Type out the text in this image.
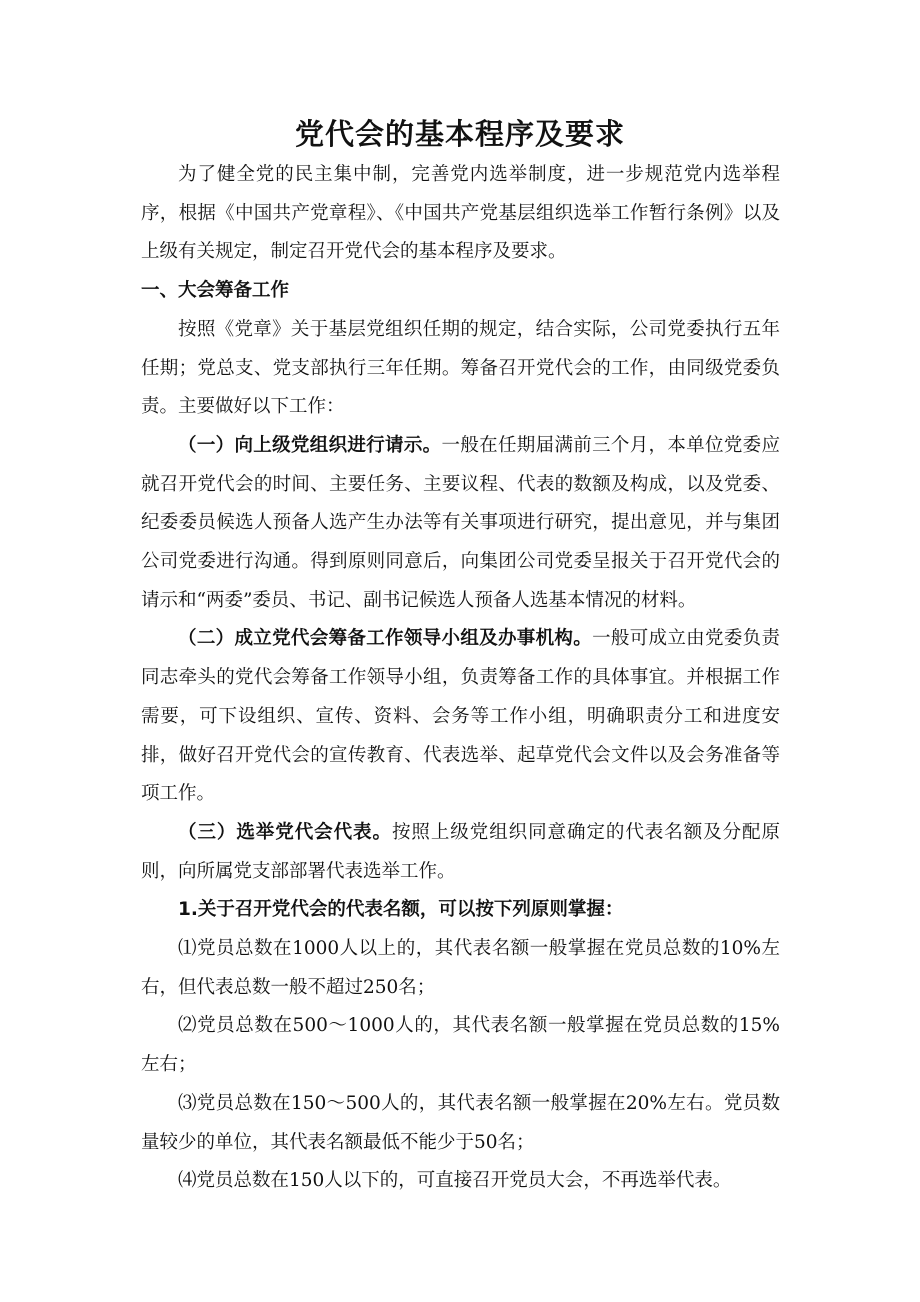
党代会的基本程序及要求

为了健全党的民主集中制，完善党内选举制度，进一步规范党内选举程序，根据《中国共产党章程》、《中国共产党基层组织选举工作暂行条例》以及上级有关规定，制定召开党代会的基本程序及要求。

一、大会筹备工作

按照《党章》关于基层党组织任期的规定，结合实际，公司党委执行五年任期；党总支、党支部执行三年任期。筹备召开党代会的工作，由同级党委负责。主要做好以下工作：

（一）向上级党组织进行请示。一般在任期届满前三个月，本单位党委应就召开党代会的时间、主要任务、主要议程、代表的数额及构成，以及党委、纪委委员候选人预备人选产生办法等有关事项进行研究，提出意见，并与集团公司党委进行沟通。得到原则同意后，向集团公司党委呈报关于召开党代会的请示和“两委”委员、书记、副书记候选人预备人选基本情况的材料。

（二）成立党代会筹备工作领导小组及办事机构。一般可成立由党委负责同志牵头的党代会筹备工作领导小组，负责筹备工作的具体事宜。并根据工作需要，可下设组织、宣传、资料、会务等工作小组，明确职责分工和进度安排，做好召开党代会的宣传教育、代表选举、起草党代会文件以及会务准备等项工作。

（三）选举党代会代表。按照上级党组织同意确定的代表名额及分配原则，向所属党支部部署代表选举工作。

1.关于召开党代会的代表名额，可以按下列原则掌握：

⑴党员总数在1000人以上的，其代表名额一般掌握在党员总数的10%左右，但代表总数一般不超过250名；

⑵党员总数在500～1000人的，其代表名额一般掌握在党员总数的15%左右；

⑶党员总数在150～500人的，其代表名额一般掌握在20%左右。党员数量较少的单位，其代表名额最低不能少于50名；

⑷党员总数在150人以下的，可直接召开党员大会，不再选举代表。
